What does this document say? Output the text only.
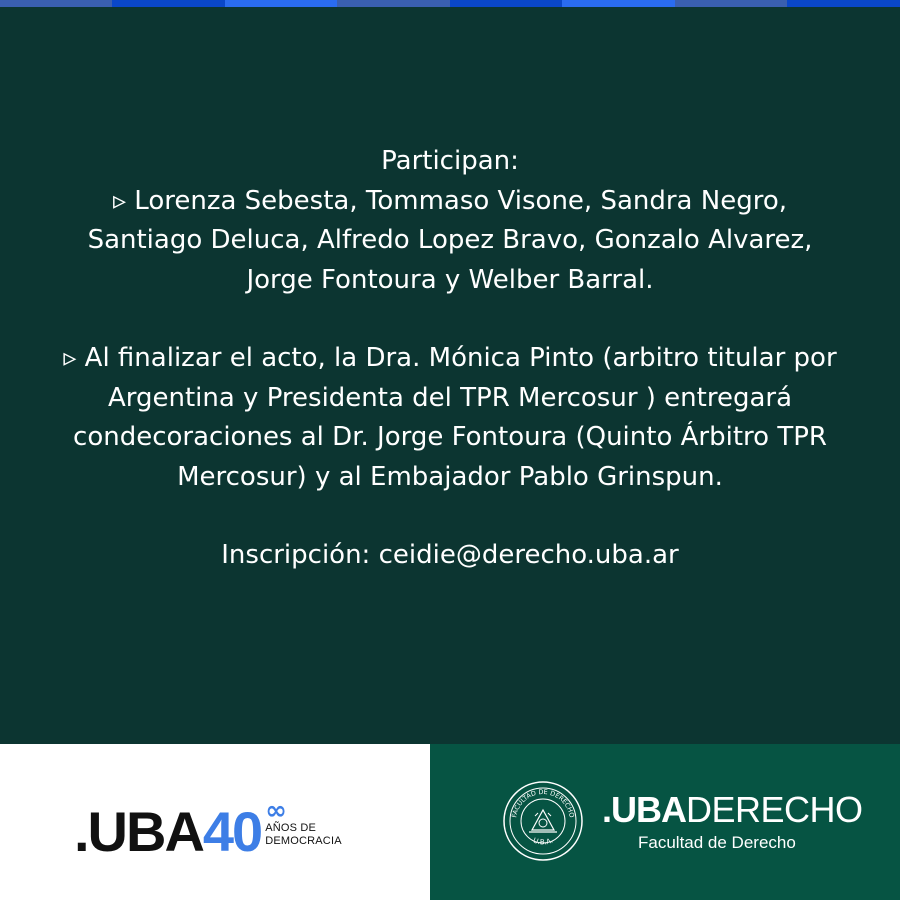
Participan:

▹ Lorenza Sebesta, Tommaso Visone, Sandra Negro, Santiago Deluca, Alfredo Lopez Bravo, Gonzalo Alvarez, Jorge Fontoura y Welber Barral.

▹ Al finalizar el acto, la Dra. Mónica Pinto (arbitro titular por Argentina y Presidenta del TPR Mercosur ) entregará condecoraciones al Dr. Jorge Fontoura (Quinto Árbitro TPR Mercosur) y al Embajador Pablo Grinspun.

Inscripción: ceidie@derecho.uba.ar

.UBA 40 ∞
AÑOS DE
DEMOCRACIA
FACULTAD DE DERECHO
U.B.A.
.UBADERECHO
Facultad de Derecho
